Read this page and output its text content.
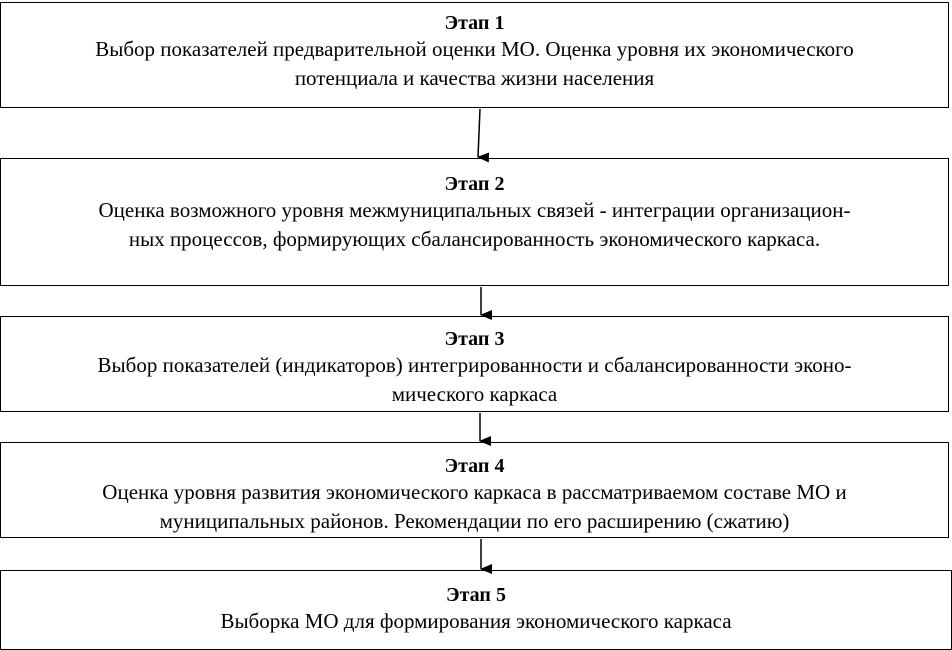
Этап 1
Выбор показателей предварительной оценки МО. Оценка уровня их экономического
потенциала и качества жизни населения
Этап 2
Оценка возможного уровня межмуниципальных связей - интеграции организацион-
ных процессов, формирующих сбалансированность экономического каркаса.
Этап 3
Выбор показателей (индикаторов) интегрированности и сбалансированности эконо-
мического каркаса
Этап 4
Оценка уровня развития экономического каркаса в рассматриваемом составе МО и
муниципальных районов. Рекомендации по его расширению (сжатию)
Этап 5
Выборка МО для формирования экономического каркаса
